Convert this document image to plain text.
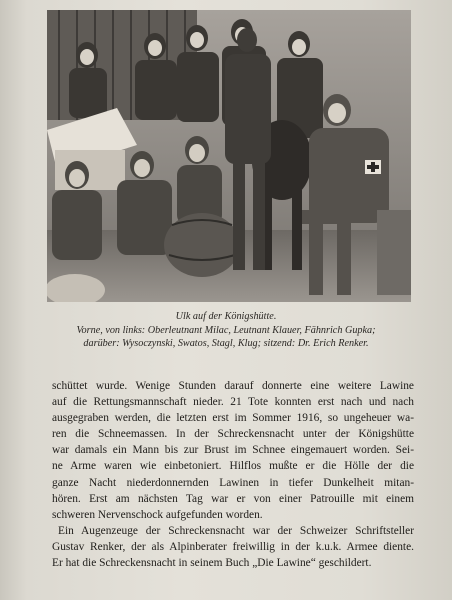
Ulk auf der Königshütte.
Vorne, von links: Oberleutnant Milac, Leutnant Klauer, Fähnrich Gupka;
darüber: Wysoczynski, Swatos, Stagl, Klug; sitzend: Dr. Erich Renker.
schüttet wurde. Wenige Stunden darauf donnerte eine weitere Lawine
auf die Rettungsmannschaft nieder. 21 Tote konnten erst nach und nach
ausgegraben werden, die letzten erst im Sommer 1916, so ungeheuer wa-
ren die Schneemassen. In der Schreckensnacht unter der Königshütte
war damals ein Mann bis zur Brust im Schnee eingemauert worden. Sei-
ne Arme waren wie einbetoniert. Hilflos mußte er die Hölle der die
ganze Nacht niederdonnernden Lawinen in tiefer Dunkelheit mitan-
hören. Erst am nächsten Tag war er von einer Patrouille mit einem
schweren Nervenschock aufgefunden worden.
Ein Augenzeuge der Schreckensnacht war der Schweizer Schriftsteller
Gustav Renker, der als Alpinberater freiwillig in der k.u.k. Armee diente.
Er hat die Schreckensnacht in seinem Buch „Die Lawine“ geschildert.
